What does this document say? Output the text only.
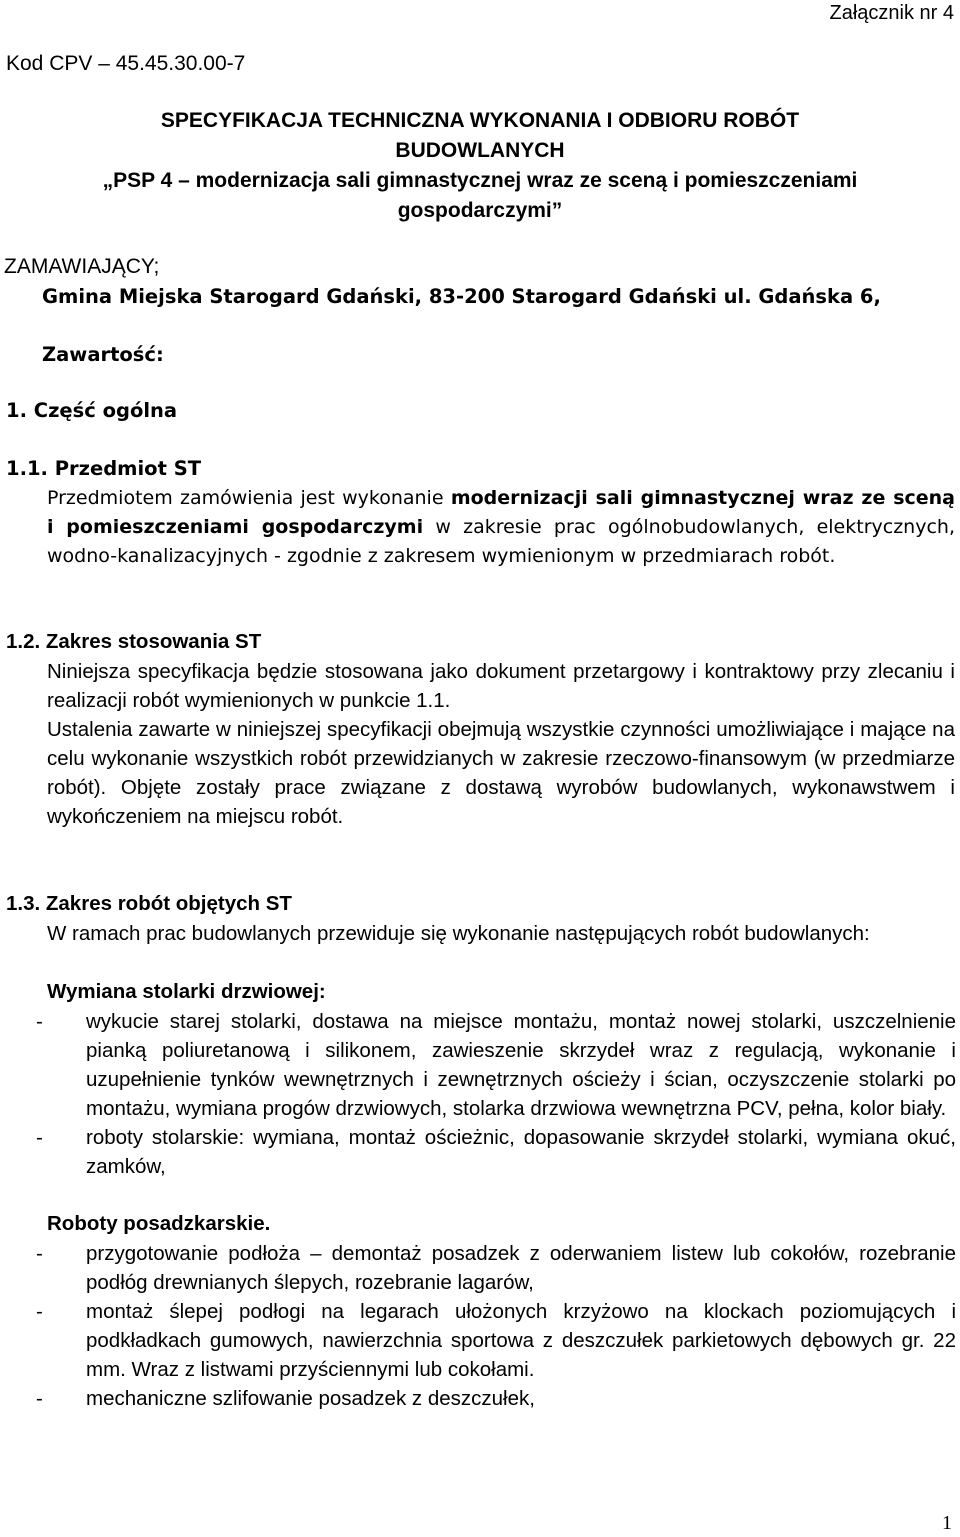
Załącznik nr 4
Kod CPV – 45.45.30.00-7
SPECYFIKACJA TECHNICZNA WYKONANIA I ODBIORU ROBÓT
BUDOWLANYCH
„PSP 4 – modernizacja sali gimnastycznej wraz ze sceną i pomieszczeniami
gospodarczymi”
ZAMAWIAJĄCY;
Gmina Miejska Starogard Gdański, 83-200 Starogard Gdański ul. Gdańska 6,
Zawartość:
1. Część ogólna
1.1. Przedmiot ST
Przedmiotem zamówienia jest wykonanie modernizacji sali gimnastycznej wraz ze sceną i pomieszczeniami gospodarczymi w zakresie prac ogólnobudowlanych, elektrycznych, wodno-kanalizacyjnych - zgodnie z zakresem wymienionym w przedmiarach robót.
1.2. Zakres stosowania ST
Niniejsza specyfikacja będzie stosowana jako dokument przetargowy i kontraktowy przy zlecaniu i realizacji robót wymienionych w punkcie 1.1.
Ustalenia zawarte w niniejszej specyfikacji obejmują wszystkie czynności umożliwiające i mające na celu wykonanie wszystkich robót przewidzianych w zakresie rzeczowo-finansowym (w przedmiarze robót). Objęte zostały prace związane z dostawą wyrobów budowlanych, wykonawstwem i wykończeniem na miejscu robót.
1.3. Zakres robót objętych ST
W ramach prac budowlanych przewiduje się wykonanie następujących robót budowlanych:
Wymiana stolarki drzwiowej:
- wykucie starej stolarki, dostawa na miejsce montażu, montaż nowej stolarki, uszczelnienie pianką poliuretanową i silikonem, zawieszenie skrzydeł wraz z regulacją, wykonanie i uzupełnienie tynków wewnętrznych i zewnętrznych ościeży i ścian, oczyszczenie stolarki po montażu, wymiana progów drzwiowych, stolarka drzwiowa wewnętrzna PCV, pełna, kolor biały.
- roboty stolarskie: wymiana, montaż ościeżnic, dopasowanie skrzydeł stolarki, wymiana okuć, zamków,
Roboty posadzkarskie.
- przygotowanie podłoża – demontaż posadzek z oderwaniem listew lub cokołów, rozebranie podłóg drewnianych ślepych, rozebranie lagarów,
- montaż ślepej podłogi na legarach ułożonych krzyżowo na klockach poziomujących i podkładkach gumowych, nawierzchnia sportowa z deszczułek parkietowych dębowych gr. 22 mm. Wraz z listwami przyściennymi lub cokołami.
- mechaniczne szlifowanie posadzek z deszczułek,
1
